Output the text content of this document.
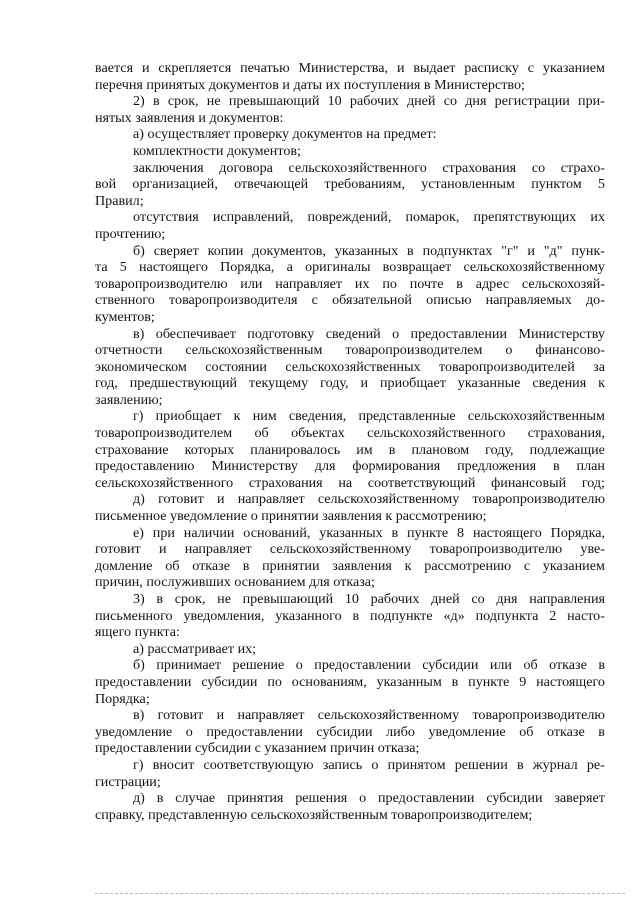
вается и скрепляется печатью Министерства, и выдает расписку с указанием
перечня принятых документов и даты их поступления в Министерство;
2) в срок, не превышающий 10 рабочих дней со дня регистрации при-
нятых заявления и документов:
а) осуществляет проверку документов на предмет:
комплектности документов;
заключения договора сельскохозяйственного страхования со страхо-
вой организацией, отвечающей требованиям, установленным пунктом 5
Правил;
отсутствия исправлений, повреждений, помарок, препятствующих их
прочтению;
б) сверяет копии документов, указанных в подпунктах "г" и "д" пунк-
та 5 настоящего Порядка, а оригиналы возвращает сельскохозяйственному
товаропроизводителю или направляет их по почте в адрес сельскохозяй-
ственного товаропроизводителя с обязательной описью направляемых до-
кументов;
в) обеспечивает подготовку сведений о предоставлении Министерству
отчетности сельскохозяйственным товаропроизводителем о финансово-
экономическом состоянии сельскохозяйственных товаропроизводителей за
год, предшествующий текущему году, и приобщает указанные сведения к
заявлению;
г) приобщает к ним сведения, представленные сельскохозяйственным
товаропроизводителем об объектах сельскохозяйственного страхования,
страхование которых планировалось им в плановом году, подлежащие
предоставлению Министерству для формирования предложения в план
сельскохозяйственного страхования на соответствующий финансовый год;
д) готовит и направляет сельскохозяйственному товаропроизводителю
письменное уведомление о принятии заявления к рассмотрению;
е) при наличии оснований, указанных в пункте 8 настоящего Порядка,
готовит и направляет сельскохозяйственному товаропроизводителю уве-
домление об отказе в принятии заявления к рассмотрению с указанием
причин, послуживших основанием для отказа;
3) в срок, не превышающий 10 рабочих дней со дня направления
письменного уведомления, указанного в подпункте «д» подпункта 2 насто-
ящего пункта:
а) рассматривает их;
б) принимает решение о предоставлении субсидии или об отказе в
предоставлении субсидии по основаниям, указанным в пункте 9 настоящего
Порядка;
в) готовит и направляет сельскохозяйственному товаропроизводителю
уведомление о предоставлении субсидии либо уведомление об отказе в
предоставлении субсидии с указанием причин отказа;
г) вносит соответствующую запись о принятом решении в журнал ре-
гистрации;
д) в случае принятия решения о предоставлении субсидии заверяет
справку, представленную сельскохозяйственным товаропроизводителем;
